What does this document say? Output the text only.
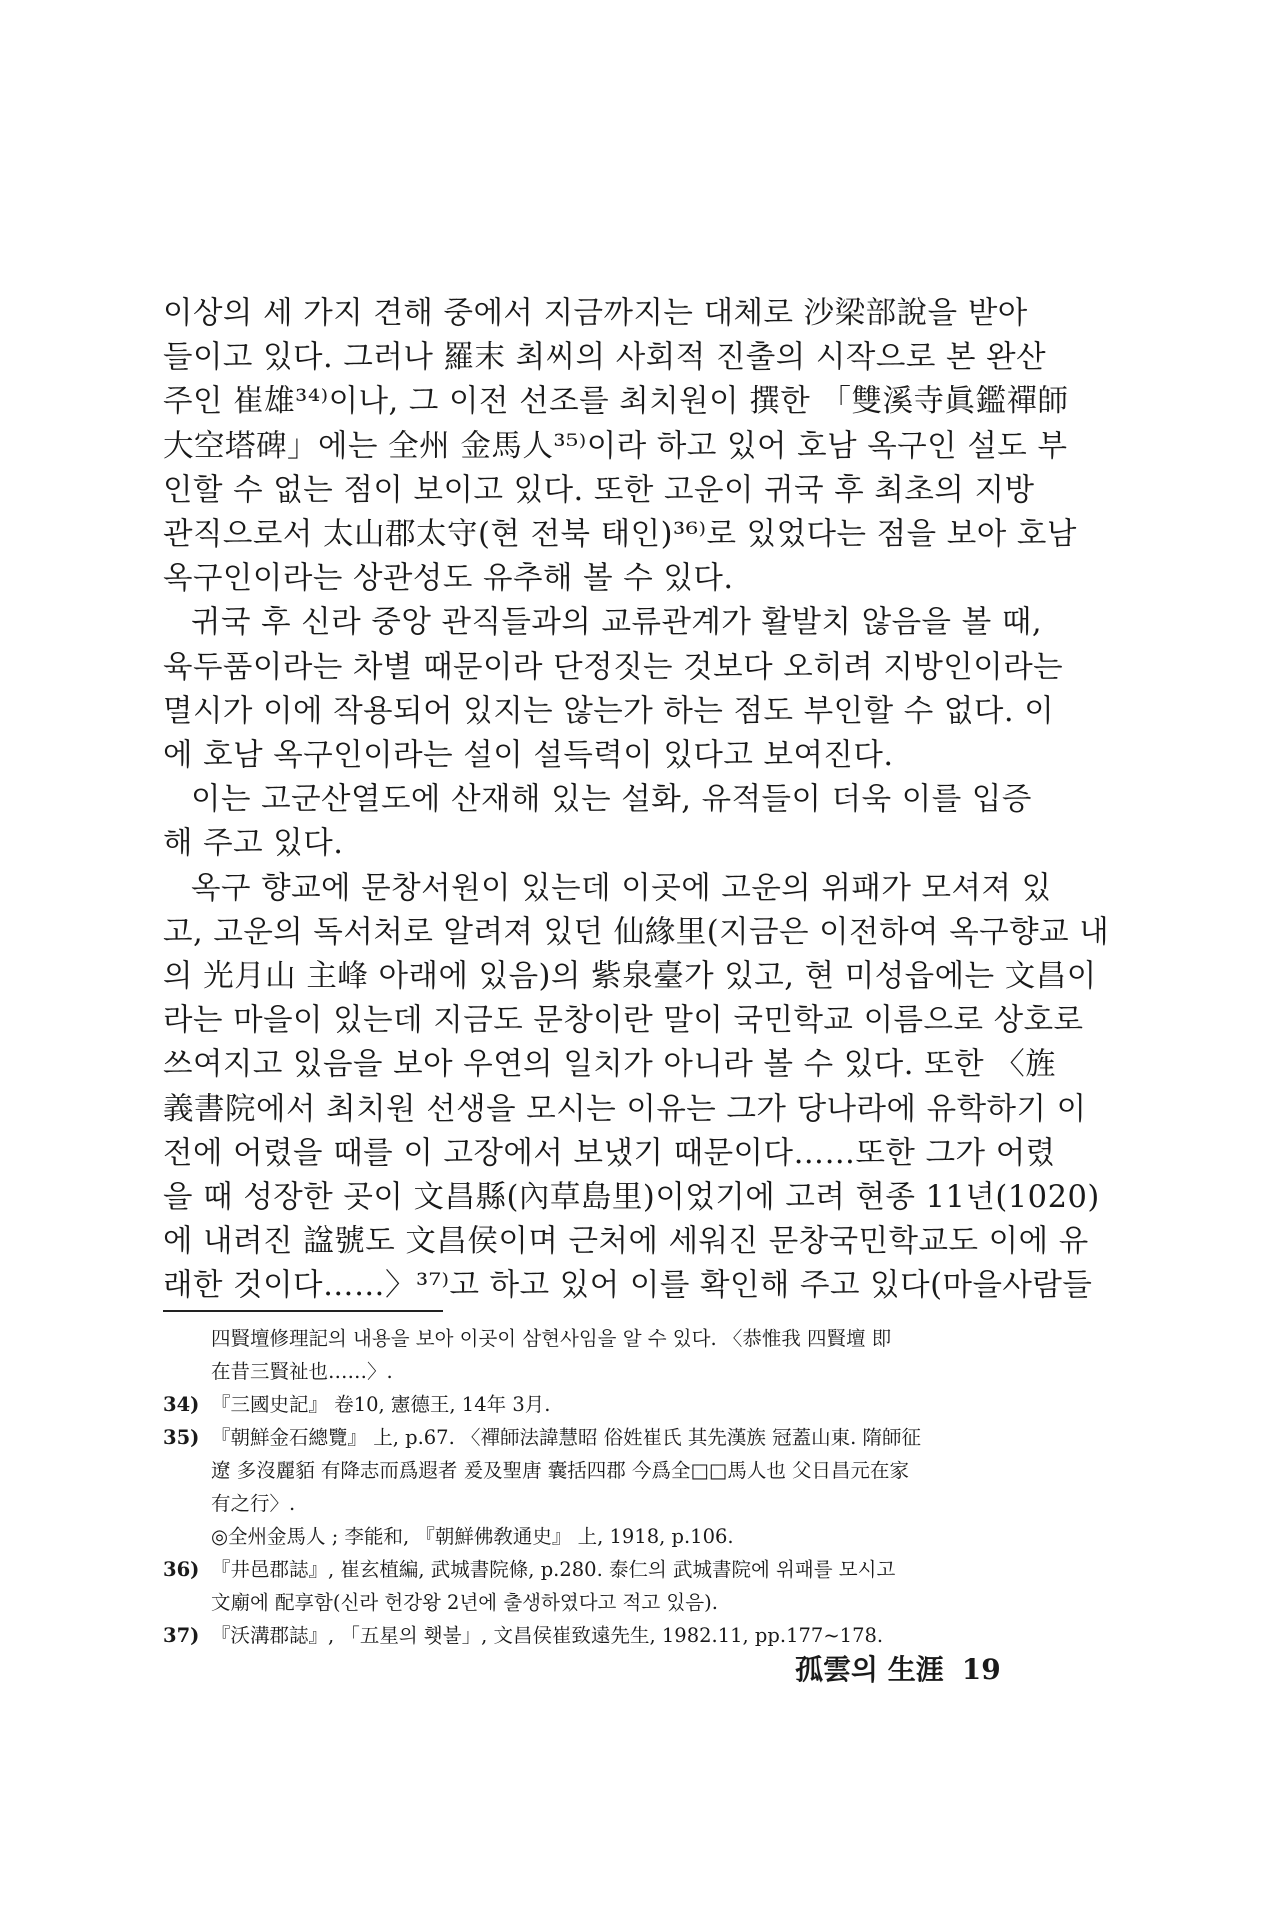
이상의 세 가지 견해 중에서 지금까지는 대체로 沙梁部說을 받아

들이고 있다. 그러나 羅末 최씨의 사회적 진출의 시작으로 본 완산

주인 崔雄³⁴⁾이나, 그 이전 선조를 최치원이 撰한 「雙溪寺眞鑑禪師

大空塔碑」에는 全州 金馬人³⁵⁾이라 하고 있어 호남 옥구인 설도 부

인할 수 없는 점이 보이고 있다. 또한 고운이 귀국 후 최초의 지방

관직으로서 太山郡太守(현 전북 태인)³⁶⁾로 있었다는 점을 보아 호남

옥구인이라는 상관성도 유추해 볼 수 있다.

귀국 후 신라 중앙 관직들과의 교류관계가 활발치 않음을 볼 때,

육두품이라는 차별 때문이라 단정짓는 것보다 오히려 지방인이라는

멸시가 이에 작용되어 있지는 않는가 하는 점도 부인할 수 없다. 이

에 호남 옥구인이라는 설이 설득력이 있다고 보여진다.

이는 고군산열도에 산재해 있는 설화, 유적들이 더욱 이를 입증

해 주고 있다.

옥구 향교에 문창서원이 있는데 이곳에 고운의 위패가 모셔져 있

고, 고운의 독서처로 알려져 있던 仙緣里(지금은 이전하여 옥구향교 내

의 光月山 主峰 아래에 있음)의 紫泉臺가 있고, 현 미성읍에는 文昌이

라는 마을이 있는데 지금도 문창이란 말이 국민학교 이름으로 상호로

쓰여지고 있음을 보아 우연의 일치가 아니라 볼 수 있다. 또한 〈旌

義書院에서 최치원 선생을 모시는 이유는 그가 당나라에 유학하기 이

전에 어렸을 때를 이 고장에서 보냈기 때문이다……또한 그가 어렸

을 때 성장한 곳이 文昌縣(內草島里)이었기에 고려 현종 11년(1020)

에 내려진 諡號도 文昌侯이며 근처에 세워진 문창국민학교도 이에 유

래한 것이다……〉³⁷⁾고 하고 있어 이를 확인해 주고 있다(마을사람들

四賢壇修理記의 내용을 보아 이곳이 삼현사임을 알 수 있다. 〈恭惟我 四賢壇 即
在昔三賢祉也……〉.
34) 『三國史記』 卷10, 憲德王, 14年 3月.
35) 『朝鮮金石總覽』 上, p.67. 〈禪師法諱慧昭 俗姓崔氏 其先漢族 冠蓋山東. 隋師征
遼 多沒麗貊 有降志而爲遐者 爰及聖唐 囊括四郡 今爲全□□馬人也 父日昌元在家
有之行〉.
◎全州金馬人 ; 李能和, 『朝鮮佛敎通史』 上, 1918, p.106.
36) 『井邑郡誌』, 崔玄植編, 武城書院條, p.280. 泰仁의 武城書院에 위패를 모시고
文廟에 配享함(신라 헌강왕 2년에 출생하였다고 적고 있음).
37) 『沃溝郡誌』, 「五星의 횃불」, 文昌侯崔致遠先生, 1982.11, pp.177~178.
孤雲의 生涯 19
